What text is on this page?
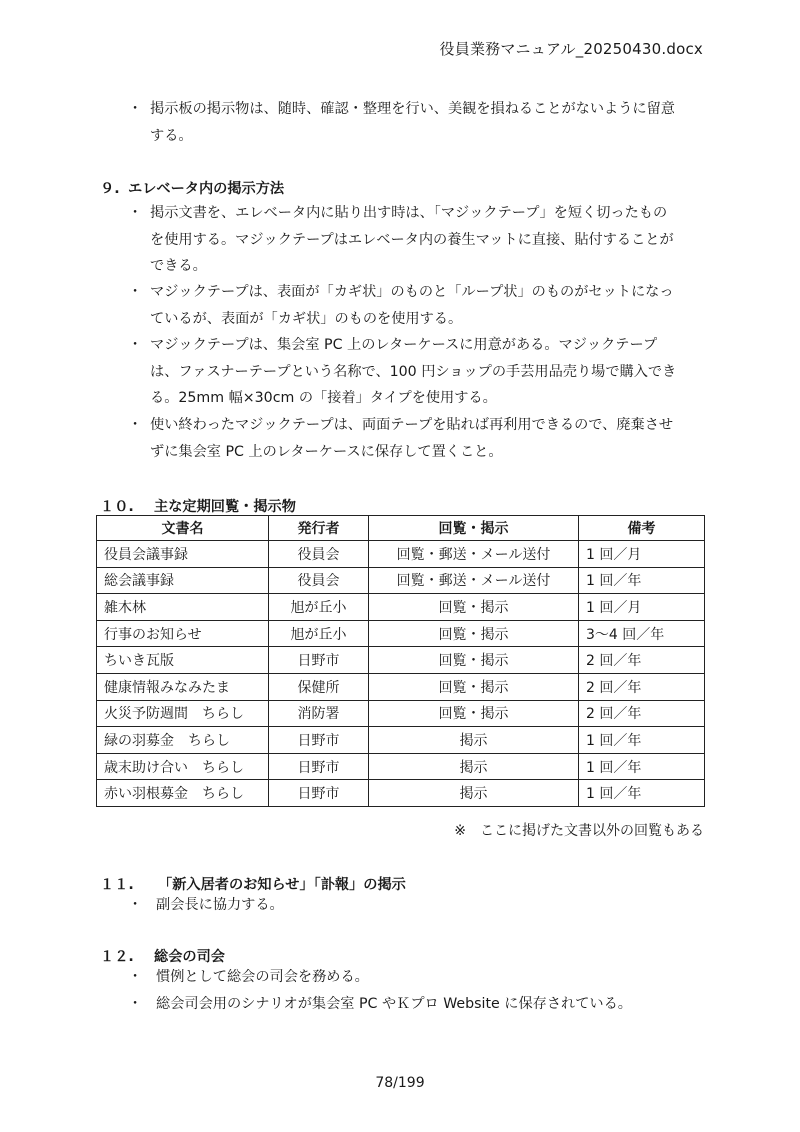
役員業務マニュアル_20250430.docx
・ 掲示板の掲示物は、随時、確認・整理を行い、美観を損ねることがないように留意
する。
９. エレベータ内の掲示方法
・ 掲示文書を、エレベータ内に貼り出す時は、「マジックテープ」を短く切ったもの
を使用する。マジックテープはエレベータ内の養生マットに直接、貼付することが
できる。
・ マジックテープは、表面が「カギ状」のものと「ループ状」のものがセットになっ
ているが、表面が「カギ状」のものを使用する。
・ マジックテープは、集会室 PC 上のレターケースに用意がある。マジックテープ
は、ファスナーテープという名称で、100 円ショップの手芸用品売り場で購入でき
る。25mm 幅×30cm の「接着」タイプを使用する。
・ 使い終わったマジックテープは、両面テープを貼れば再利用できるので、廃棄させ
ずに集会室 PC 上のレターケースに保存して置くこと。
１０. 主な定期回覧・掲示物
文書名	発行者	回覧・掲示	備考
役員会議事録	役員会	回覧・郵送・メール送付	1 回／月
総会議事録	役員会	回覧・郵送・メール送付	1 回／年
雑木林	旭が丘小	回覧・掲示	1 回／月
行事のお知らせ	旭が丘小	回覧・掲示	3〜4 回／年
ちいき瓦版	日野市	回覧・掲示	2 回／年
健康情報みなみたま	保健所	回覧・掲示	2 回／年
火災予防週間　ちらし	消防署	回覧・掲示	2 回／年
緑の羽募金　ちらし	日野市	掲示	1 回／年
歳末助け合い　ちらし	日野市	掲示	1 回／年
赤い羽根募金　ちらし	日野市	掲示	1 回／年
※　ここに掲げた文書以外の回覧もある
１１. 「新入居者のお知らせ」「訃報」の掲示
・ 副会長に協力する。
１２. 総会の司会
・ 慣例として総会の司会を務める。
・ 総会司会用のシナリオが集会室 PC やＫプロ Website に保存されている。
78/199
